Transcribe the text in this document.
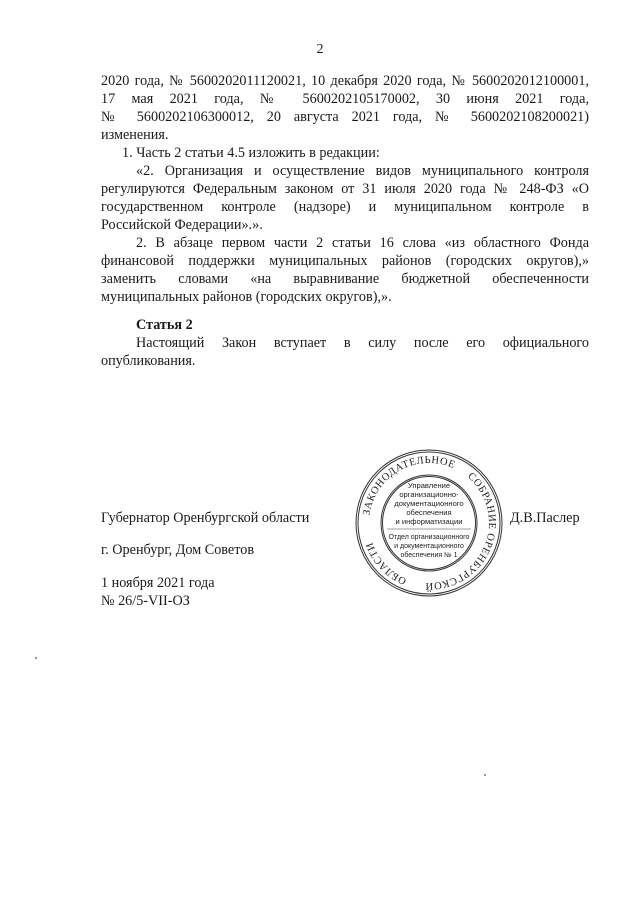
2
2020 года, № 5600202011120021, 10 декабря 2020 года, № 5600202012100001,
17 мая 2021 года, № 5600202105170002, 30 июня 2021 года,
№ 5600202106300012, 20 августа 2021 года, № 5600202108200021)
изменения.
1. Часть 2 статьи 4.5 изложить в редакции:
«2. Организация и осуществление видов муниципального контроля
регулируются Федеральным законом от 31 июля 2020 года № 248-ФЗ «О
государственном контроле (надзоре) и муниципальном контроле в
Российской Федерации».».
2. В абзаце первом части 2 статьи 16 слова «из областного Фонда
финансовой поддержки муниципальных районов (городских округов),»
заменить словами «на выравнивание бюджетной обеспеченности
муниципальных районов (городских округов),».
Статья 2
Настоящий Закон вступает в силу после его официального
опубликования.
Губернатор Оренбургской области	Д.В.Паслер
г. Оренбург, Дом Советов
1 ноября 2021 года
№ 26/5-VII-ОЗ
ЗАКОНОДАТЕЛЬНОЕ
СОБРАНИЕ ОРЕНБУРГСКОЙ
ОБЛАСТИ
Управление
организационно-
документационного
обеспечения
и информатизации
Отдел организационного
и документационного
обеспечения № 1
